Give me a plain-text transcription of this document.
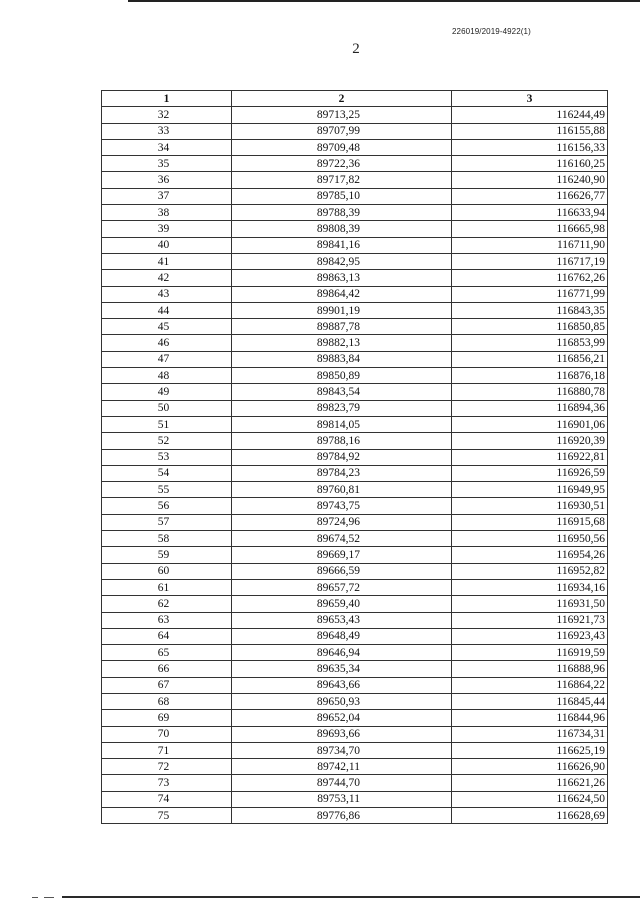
226019/2019-4922(1)
2
1	2	3
32	89713,25	116244,49
33	89707,99	116155,88
34	89709,48	116156,33
35	89722,36	116160,25
36	89717,82	116240,90
37	89785,10	116626,77
38	89788,39	116633,94
39	89808,39	116665,98
40	89841,16	116711,90
41	89842,95	116717,19
42	89863,13	116762,26
43	89864,42	116771,99
44	89901,19	116843,35
45	89887,78	116850,85
46	89882,13	116853,99
47	89883,84	116856,21
48	89850,89	116876,18
49	89843,54	116880,78
50	89823,79	116894,36
51	89814,05	116901,06
52	89788,16	116920,39
53	89784,92	116922,81
54	89784,23	116926,59
55	89760,81	116949,95
56	89743,75	116930,51
57	89724,96	116915,68
58	89674,52	116950,56
59	89669,17	116954,26
60	89666,59	116952,82
61	89657,72	116934,16
62	89659,40	116931,50
63	89653,43	116921,73
64	89648,49	116923,43
65	89646,94	116919,59
66	89635,34	116888,96
67	89643,66	116864,22
68	89650,93	116845,44
69	89652,04	116844,96
70	89693,66	116734,31
71	89734,70	116625,19
72	89742,11	116626,90
73	89744,70	116621,26
74	89753,11	116624,50
75	89776,86	116628,69
